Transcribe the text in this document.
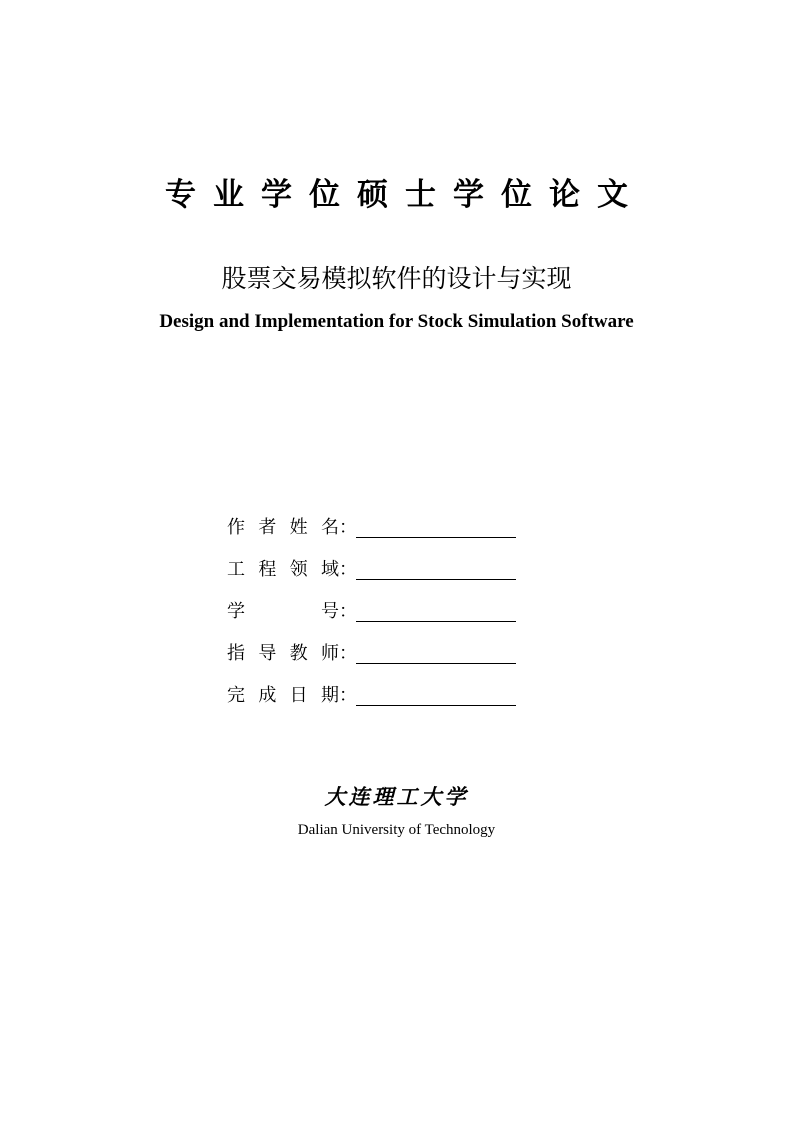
专业学位硕士学位论文
股票交易模拟软件的设计与实现
Design and Implementation for Stock Simulation Software
作 者 姓 名 ：
工 程 领 域 ：
学	号 ：
指 导 教 师 ：
完 成 日 期 ：
大连理工大学
Dalian University of Technology
